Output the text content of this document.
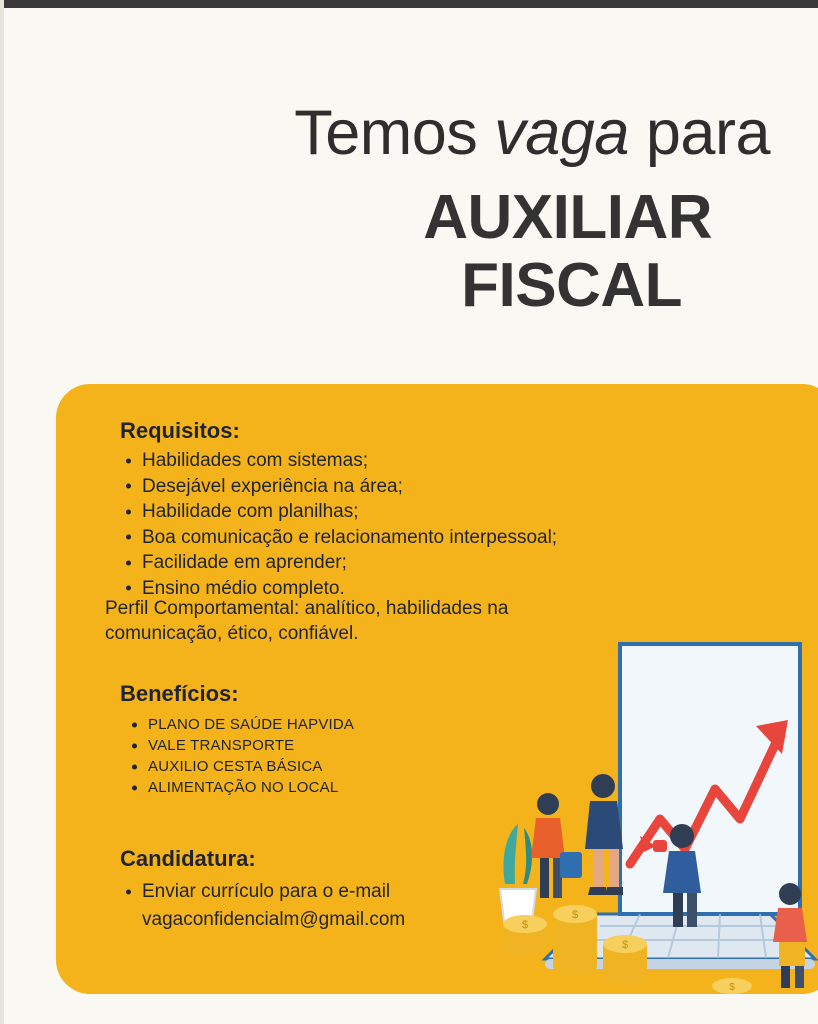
Temos vaga para
AUXILIAR
FISCAL
Requisitos:
Habilidades com sistemas;
Desejável experiência na área;
Habilidade com planilhas;
Boa comunicação e relacionamento interpessoal;
Facilidade em aprender;
Ensino médio completo.
Perfil Comportamental: analítico, habilidades na comunicação, ético, confiável.
Benefícios:
PLANO DE SAÚDE HAPVIDA
VALE TRANSPORTE
AUXILIO CESTA BÁSICA
ALIMENTAÇÃO NO LOCAL
Candidatura:
Enviar currículo para o e-mail
vagaconfidencialm@gmail.com	$
$
$
$
